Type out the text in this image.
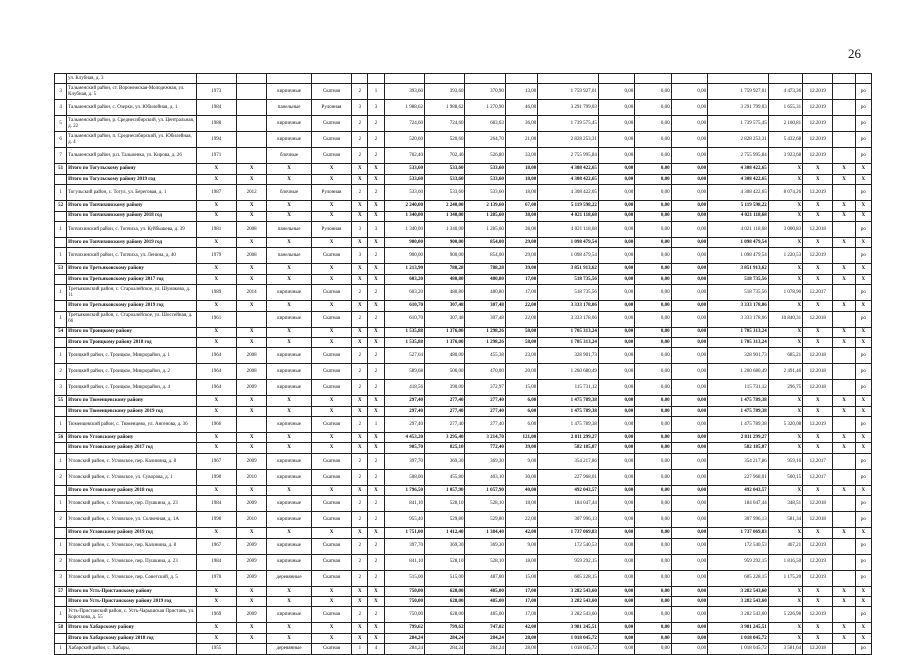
26
	ул. Клубная, д. 3																			
3	Тальменский район, ст. Воронежская-Молодежная, ул. Клубная, д. 5	1973		кирпичные	Скатная	2	1	393,60	393,60	370,90	13,00	1 759 927,01	0,00	0,00	0,00	1 759 927,01	4 473,36	12.2019		ро
4	Тальменский район, с. Озерки, ул. Юбилейная, д. 1	1984		панельные	Рулонная	3	3	1 988,62	1 988,62	1 270,90	46,00	3 291 799,03	0,00	0,00	0,00	3 291 799,03	1 655,31	12.2019		ро
5	Тальменский район, р. Среднесибирский, ул. Центральная, д. 22	1980		кирпичные	Скатная	2	2	724,60	724,60	683,63	36,00	1 739 575,45	0,00	0,00	0,00	1 739 575,45	2 160,81	12.2019		ро
6	Тальменский район, п. Среднесибирский, ул. Юбилейная, д. 4	1994		кирпичные	Скатная	2	2	520,60	520,60	264,70	21,00	2 828 253,31	0,00	0,00	0,00	2 828 253,31	5 432,68	12.2019		ро
7	Тальменский район, р.п. Тальменка, ул. Кирова, д. 26	1971		блочные	Скатная	2	2	702,40	702,40	526,80	33,00	2 755 995,84	0,00	0,00	0,00	2 755 995,84	3 923,68	12.2019		ро
51	Итого по Тогульскому району	X	X	X	X	X	X	533,60	533,60	533,60	18,00	4 308 422,65	0,00	0,00	0,00	4 308 422,65	X	X	X	X
	Итого по Тогульскому району 2019 год	X	X	X	X	X	X	533,60	533,60	533,60	18,00	4 308 422,65	0,00	0,00	0,00	4 308 422,65	X	X	X	X
1	Тогульский район, с. Тогул, ул. Береговая, д. 1	1987	2012	блочные	Рулонная	2	2	533,60	533,60	533,60	18,00	4 308 422,65	0,00	0,00	0,00	4 308 422,65	8 074,26	12.2019		ро
52	Итого по Топчихинскому району	X	X	X	X	X	X	2 240,00	2 240,00	2 139,60	67,00	5 119 598,22	0,00	0,00	0,00	5 119 598,22	X	X	X	X
	Итого по Топчихинскому району 2018 год	X	X	X	X	X	X	1 340,00	1 340,00	1 285,60	38,00	4 021 118,68	0,00	0,00	0,00	4 021 118,68	X	X	X	X
1	Топчихинский район, с. Топчиха, ул. Куйбышева, д. 39	1981	2008	панельные	Рулонная	3	3	1 340,00	1 340,00	1 285,60	38,00	4 021 118,68	0,00	0,00	0,00	4 021 118,68	3 000,83	12.2018		ро
	Итого по Топчихинскому району 2019 год	X	X	X	X	X	X	900,00	900,00	854,00	29,00	1 098 479,54	0,00	0,00	0,00	1 098 479,54	X	X	X	X
1	Топчихинский район, с. Топчиха, ул. Ленина, д. 40	1979	2008	панельные	Скатная	3	2	900,00	900,00	854,00	29,00	1 098 479,54	0,00	0,00	0,00	1 098 479,54	1 220,53	12.2019		ро
53	Итого по Третьяковскому району	X	X	X	X	X	X	1 213,90	788,28	788,28	39,00	3 851 913,62	0,00	0,00	0,00	3 851 913,62	X	X	X	X
	Итого по Третьяковскому району 2017 год	X	X	X	X	X	X	603,20	480,80	480,80	17,00	518 735,56	0,00	0,00	0,00	518 735,56	X	X	X	X
1	Третьяковский район, с. Староалейское, ул. Шумакова, д. 11	1989	2014	кирпичные	Скатная	2	2	603,20	480,80	480,80	17,00	518 735,56	0,00	0,00	0,00	518 735,56	1 078,90	12.2017		ро
	Итого по Третьяковскому району 2019 год	X	X	X	X	X	X	610,70	307,48	307,48	22,00	3 333 178,06	0,00	0,00	0,00	3 333 178,06	X	X	X	X
1	Третьяковский район, с. Староалейское, ул. Шоссейная, д. 66	1961		кирпичные	Скатная	2	2	610,70	307,48	307,48	22,00	3 333 178,06	0,00	0,00	0,00	3 333 178,06	10 840,31	12.2018		ро
54	Итого по Троицкому району	X	X	X	X	X	X	1 535,88	1 376,00	1 298,26	58,00	1 705 313,24	0,00	0,00	0,00	1 705 313,24	X	X	X	X
	Итого по Троицкому району 2018 год	X	X	X	X	X	X	1 535,88	1 376,00	1 298,26	58,00	1 705 313,24	0,00	0,00	0,00	1 705 313,24	X	X	X	X
1	Троицкий район, с. Троицкое, Микрорайон, д. 1	1964	2008	кирпичные	Скатная	2	2	527,64	480,00	455,38	23,00	328 901,73	0,00	0,00	0,00	328 901,73	685,21	12.2018		ро
2	Троицкий район, с. Троицкое, Микрорайон, д. 2	1964	2008	кирпичные	Скатная	2	2	589,68	506,00	470,00	20,00	1 260 680,49	0,00	0,00	0,00	1 260 680,49	2 491,46	12.2018		ро
3	Троицкий район, с. Троицкое, Микрорайон, д. 4	1964	2009	кирпичные	Скатная	2	2	418,56	390,00	372,97	15,00	115 731,12	0,00	0,00	0,00	115 731,12	296,75	12.2018		ро
55	Итого по Тюменцевскому району	X	X	X	X	X	X	297,40	277,40	277,40	6,00	1 475 789,38	0,00	0,00	0,00	1 475 789,38	X	X	X	X
	Итого по Тюменцевскому району 2019 год	X	X	X	X	X	X	297,40	277,40	277,40	6,00	1 475 789,38	0,00	0,00	0,00	1 475 789,38	X	X	X	X
1	Тюменцевский район, с. Тюменцево, ул. Ангенова, д. 36	1966		кирпичные	Скатная	2	1	297,40	277,40	277,40	6,00	1 475 789,38	0,00	0,00	0,00	1 475 789,38	5 320,08	12.2019		ро
56	Итого по Угловскому району	X	X	X	X	X	X	4 453,20	3 295,40	3 214,70	121,00	2 811 299,27	0,00	0,00	0,00	2 811 299,27	X	X	X	X
	Итого по Угловскому району 2017 год	X	X	X	X	X	X	905,70	825,10	772,40	39,00	582 185,87	0,00	0,00	0,00	582 185,87	X	X	X	X
1	Угловский район, с. Угловское, пер. Калинина, д. 8	1967	2009	кирпичные	Скатная	2	2	397,70	369,30	369,30	9,00	354 217,86	0,00	0,00	0,00	354 217,86	959,16	12.2017		ро
2	Угловский район, с. Угловское, ул. Суворова, д. 1	1990	2010	кирпичные	Скатная	2	2	508,00	455,80	403,10	30,00	227 968,01	0,00	0,00	0,00	227 968,01	500,15	12.2017		ро
	Итого по Угловскому району 2018 год	X	X	X	X	X	X	1 796,50	1 057,90	1 057,90	40,00	492 043,57	0,00	0,00	0,00	492 043,57	X	X	X	X
1	Угловский район, с. Угловское, пер. Пушкина, д. 23	1984	2009	кирпичные	Скатная	2	2	841,10	528,10	528,10	18,00	184 047,44	0,00	0,00	0,00	184 047,44	348,51	12.2018		ро
2	Угловский район, с. Угловское, ул. Солнечная, д. 1А	1990	2010	кирпичные	Скатная	2	2	955,40	529,80	529,80	22,00	307 996,13	0,00	0,00	0,00	307 996,13	581,34	12.2018		ро
	Итого по Угловскому району 2019 год	X	X	X	X	X	X	1 751,00	1 412,40	1 384,40	42,00	1 737 069,83	0,00	0,00	0,00	1 737 069,83	X	X	X	X
1	Угловский район, с. Угловское, пер. Калинина, д. 8	1967	2009	кирпичные	Скатная	2	2	397,70	369,30	369,30	9,00	172 540,53	0,00	0,00	0,00	172 540,53	467,21	12.2019		ро
2	Угловский район, с. Угловское, пер. Пушкина, д. 23	1984	2009	кирпичные	Скатная	2	2	841,10	528,10	528,10	18,00	959 292,15	0,00	0,00	0,00	959 292,15	1 816,50	12.2019		ро
3	Угловский район, с. Угловское, пер. Советский, д. 5	1970	2009	деревянные	Скатная	2	2	515,00	515,00	487,00	15,00	605 228,15	0,00	0,00	0,00	605 228,15	1 175,20	12.2019		ро
57	Итого по Усть-Пристанскому району	X	X	X	X	X	X	750,00	628,00	485,00	17,00	3 282 543,60	0,00	0,00	0,00	3 282 543,60	X	X	X	X
	Итого по Усть-Пристанскому району 2019 год	X	X	X	X	X	X	750,00	628,00	485,00	17,00	3 282 543,60	0,00	0,00	0,00	3 282 543,60	X	X	X	X
1	Усть-Пристанский район, с. Усть-Чарышская Пристань, ул. Короткова, д. 55	1969	2009	кирпичные	Скатная	2	2	750,00	628,00	485,00	17,00	3 282 543,60	0,00	0,00	0,00	3 282 543,60	5 226,98	12.2019		ро
58	Итого по Хабарскому району	X	X	X	X	X	X	799,62	799,62	747,02	42,00	3 981 245,51	0,00	0,00	0,00	3 981 245,51	X	X	X	X
	Итого по Хабарскому району 2018 год	X	X	X	X	X	X	284,24	284,24	284,24	28,00	1 018 045,72	0,00	0,00	0,00	1 018 045,72	X	X	X	X
1	Хабарский район, с. Хабары,	1955		деревянные	Скатная	1	4	284,24	284,24	284,24	28,00	1 018 045,72	0,00	0,00	0,00	1 018 045,72	3 581,64	12.2018		ро
